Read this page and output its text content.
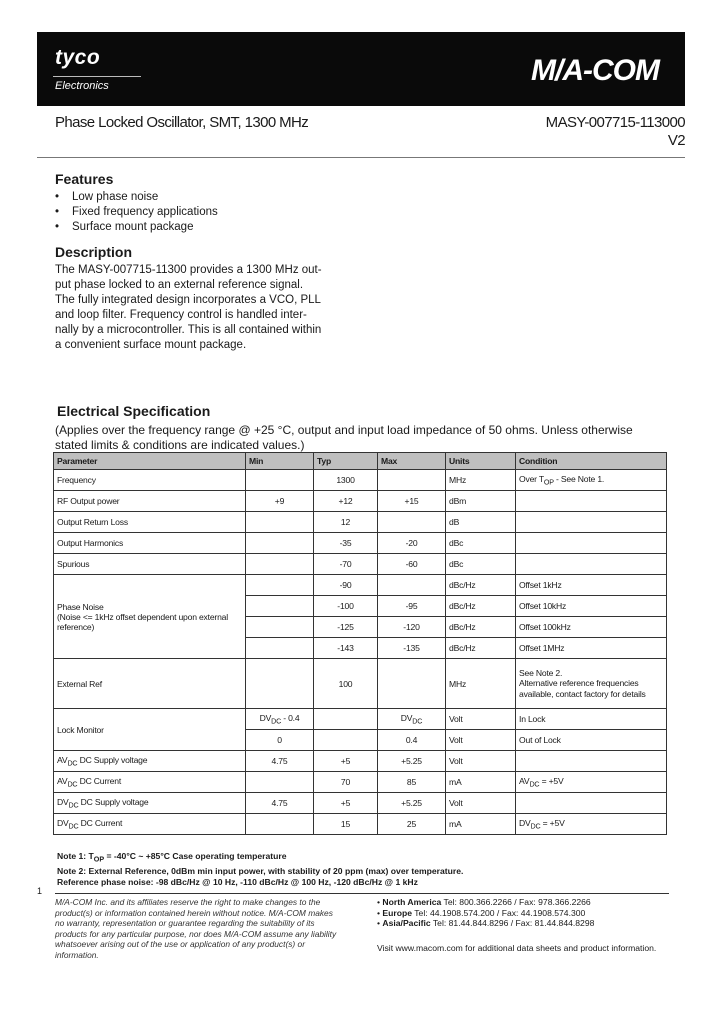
tyco
Electronics	M/A-COM
Phase Locked Oscillator, SMT, 1300 MHz	MASY-007715-113000
V2
Features
• Low phase noise
• Fixed frequency applications
• Surface mount package
Description
The MASY-007715-11300 provides a 1300 MHz out-
put phase locked to an external reference signal.
The fully integrated design incorporates a VCO, PLL
and loop filter. Frequency control is handled inter-
nally by a microcontroller. This is all contained within
a convenient surface mount package.
Electrical Specification
(Applies over the frequency range @ +25 °C, output and input load impedance of 50 ohms. Unless otherwise
stated limits & conditions are indicated values.)
Parameter	Min	Typ	Max	Units	Condition
Frequency		1300		MHz	Over $T_{OP}$ - See Note 1.
RF Output power	+9	+12	+15	dBm	
Output Return Loss		12		dB	
Output Harmonics		-35	-20	dBc	
Spurious		-70	-60	dBc	

Phase Noise
(Noise <= 1kHz offset dependent upon external reference)		-90		dBc/Hz	Offset 1kHz
		-100	-95	dBc/Hz	Offset 10kHz
		-125	-120	dBc/Hz	Offset 100kHz
		-143	-135	dBc/Hz	Offset 1MHz
External Ref		100		MHz	See Note 2.
Alternative reference frequencies available, contact factory for details

Lock Monitor	$DV_{DC} - 0.4$		$DV_{DC}$	Volt	In Lock
	0		0.4	Volt	Out of Lock
$AV_{DC}$ DC Supply voltage	4.75	+5	+5.25	Volt	
$AV_{DC}$ DC Current		70	85	mA	$AV_{DC} = +5V$
$DV_{DC}$ DC Supply voltage	4.75	+5	+5.25	Volt	
$DV_{DC}$ DC Current		15	25	mA	$DV_{DC} = +5V$
Note 1: $T_{OP} = -40^\circ C$ ~ +85°C Case operating temperature
Note 2: External Reference, 0dBm min input power, with stability of 20 ppm (max) over temperature.
Reference phase noise: -98 dBc/Hz @ 10 Hz, -110 dBc/Hz @ 100 Hz, -120 dBc/Hz @ 1 kHz
1
M/A-COM Inc. and its affiliates reserve the right to make changes to the
product(s) or information contained herein without notice. M/A-COM makes
no warranty, representation or guarantee regarding the suitability of its
products for any particular purpose, nor does M/A-COM assume any liability
whatsoever arising out of the use or application of any product(s) or
information.
• North America Tel: 800.366.2266 / Fax: 978.366.2266
• Europe Tel: 44.1908.574.200 / Fax: 44.1908.574.300
• Asia/Pacific Tel: 81.44.844.8296 / Fax: 81.44.844.8298
Visit www.macom.com for additional data sheets and product information.
